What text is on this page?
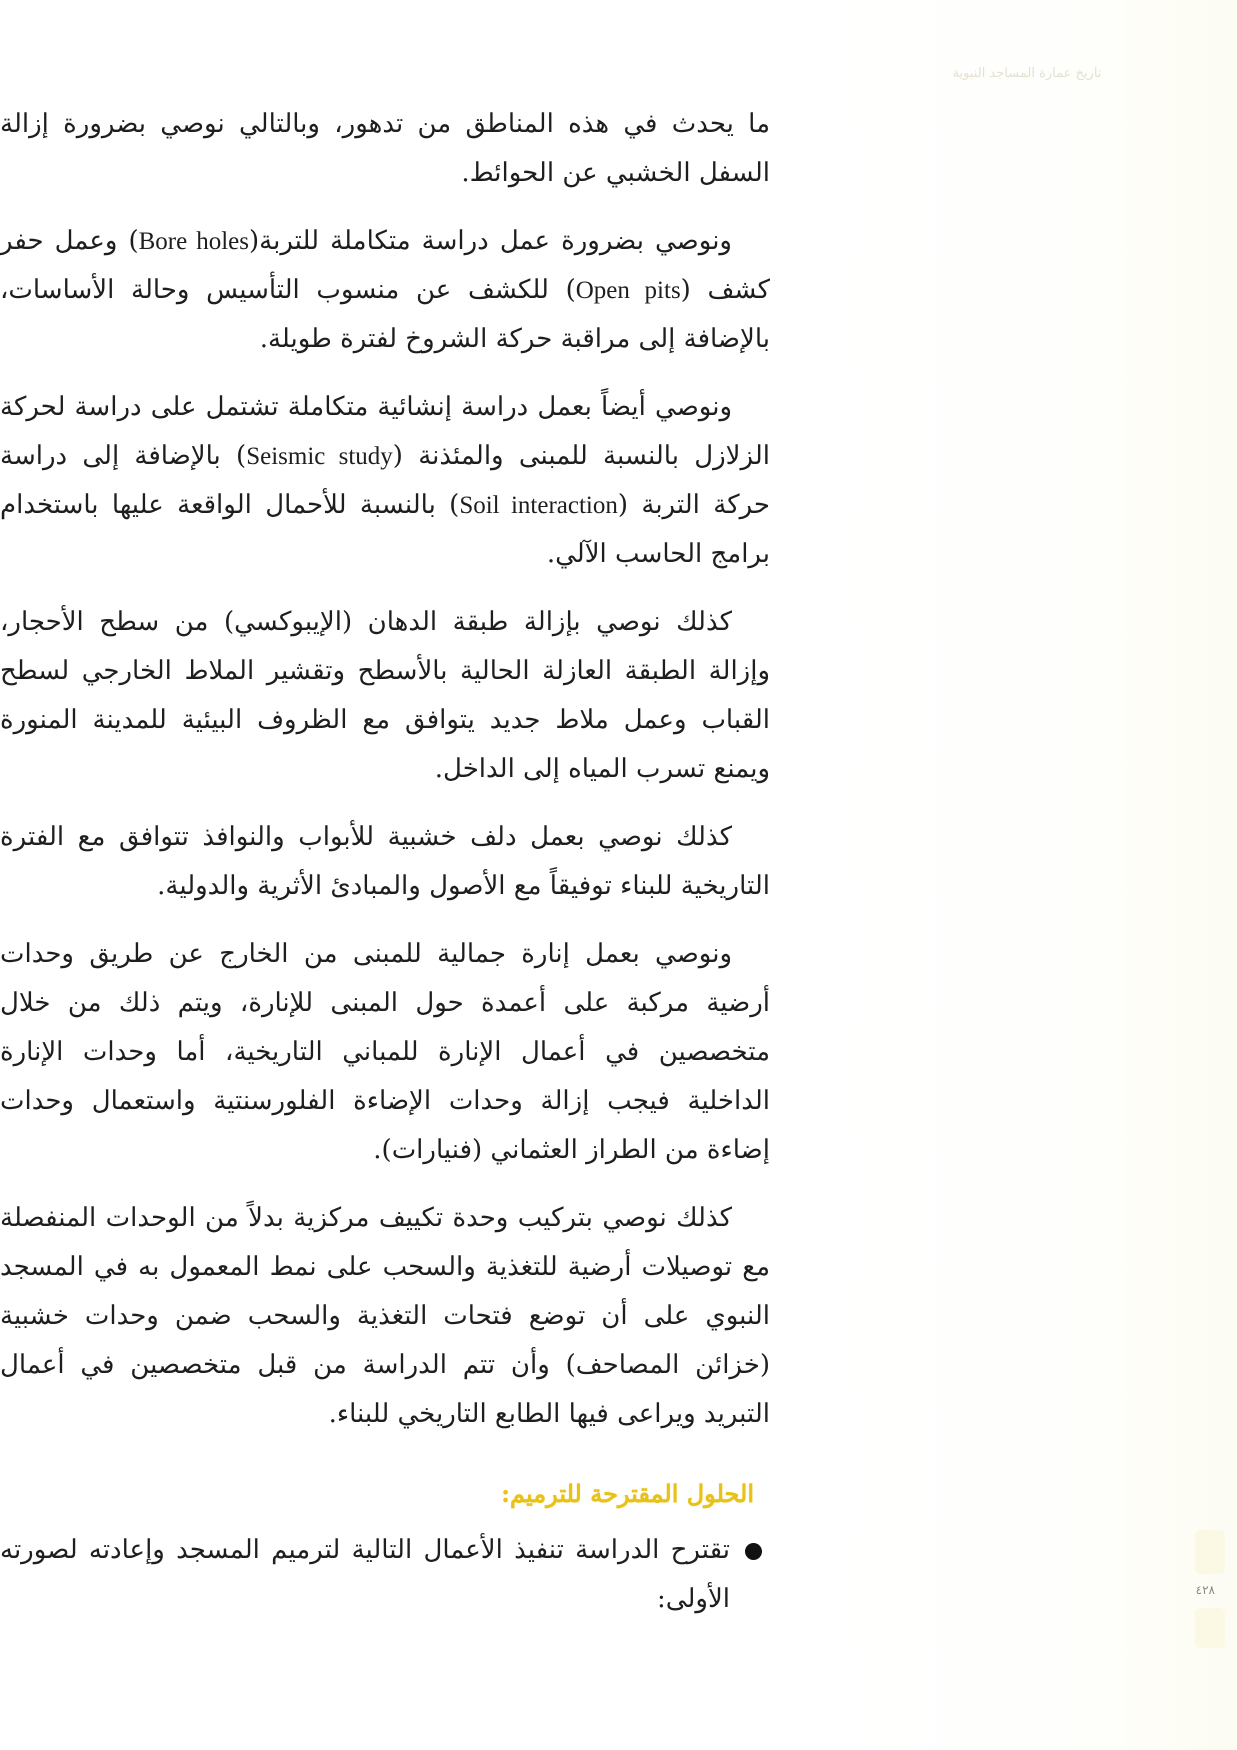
تاريخ عمارة المساجد النبوية

ما يحدث في هذه المناطق من تدهور، وبالتالي نوصي بضرورة إزالة السفل الخشبي عن الحوائط.

ونوصي بضرورة عمل دراسة متكاملة للتربة(Bore holes) وعمل حفر كشف (Open pits) للكشف عن منسوب التأسيس وحالة الأساسات، بالإضافة إلى مراقبة حركة الشروخ لفترة طويلة.

ونوصي أيضاً بعمل دراسة إنشائية متكاملة تشتمل على دراسة لحركة الزلازل بالنسبة للمبنى والمئذنة (Seismic study) بالإضافة إلى دراسة حركة التربة (Soil interaction) بالنسبة للأحمال الواقعة عليها باستخدام برامج الحاسب الآلي.

كذلك نوصي بإزالة طبقة الدهان (الإيبوكسي) من سطح الأحجار، وإزالة الطبقة العازلة الحالية بالأسطح وتقشير الملاط الخارجي لسطح القباب وعمل ملاط جديد يتوافق مع الظروف البيئية للمدينة المنورة ويمنع تسرب المياه إلى الداخل.

كذلك نوصي بعمل دلف خشبية للأبواب والنوافذ تتوافق مع الفترة التاريخية للبناء توفيقاً مع الأصول والمبادئ الأثرية والدولية.

ونوصي بعمل إنارة جمالية للمبنى من الخارج عن طريق وحدات أرضية مركبة على أعمدة حول المبنى للإنارة، ويتم ذلك من خلال متخصصين في أعمال الإنارة للمباني التاريخية، أما وحدات الإنارة الداخلية فيجب إزالة وحدات الإضاءة الفلورسنتية واستعمال وحدات إضاءة من الطراز العثماني (فنيارات).

كذلك نوصي بتركيب وحدة تكييف مركزية بدلاً من الوحدات المنفصلة مع توصيلات أرضية للتغذية والسحب على نمط المعمول به في المسجد النبوي على أن توضع فتحات التغذية والسحب ضمن وحدات خشبية (خزائن المصاحف) وأن تتم الدراسة من قبل متخصصين في أعمال التبريد ويراعى فيها الطابع التاريخي للبناء.

الحلول المقترحة للترميم:
تقترح الدراسة تنفيذ الأعمال التالية لترميم المسجد وإعادته لصورته الأولى:	٤٢٨
